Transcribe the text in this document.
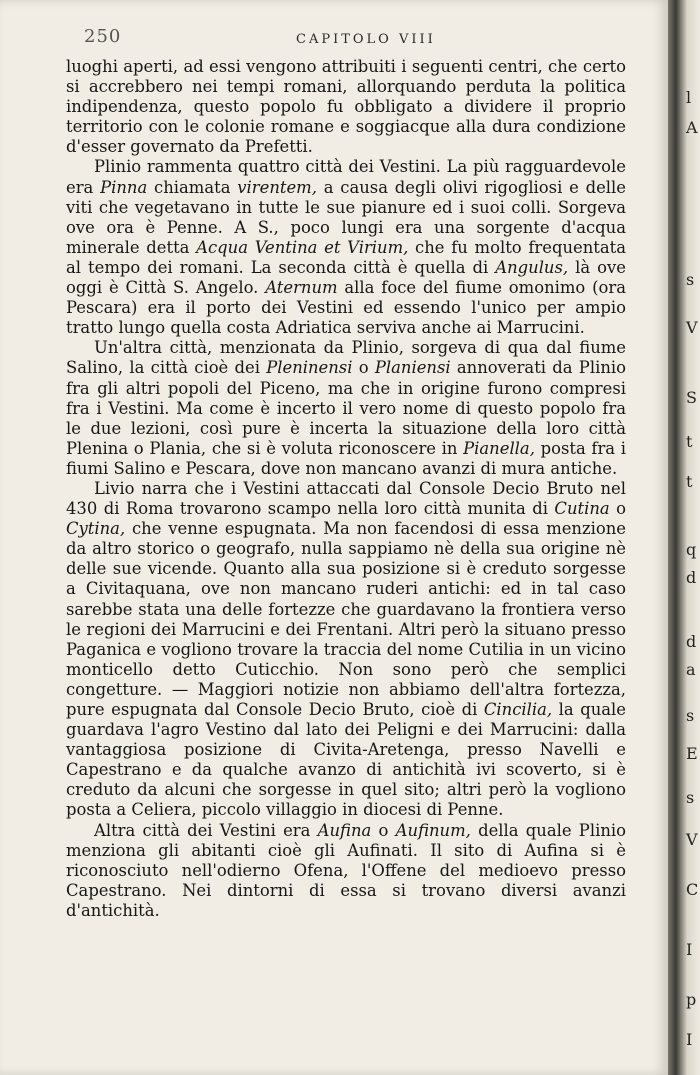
250	CAPITOLO VIII

luoghi aperti, ad essi vengono attribuiti i seguenti centri, che certo si accrebbero nei tempi romani, allorquando perduta la politica indipendenza, questo popolo fu obbligato a dividere il proprio territorio con le colonie romane e soggiacque alla dura condizione d'esser governato da Prefetti.

Plinio rammenta quattro città dei Vestini. La più ragguardevole era Pinna chiamata virentem, a causa degli olivi rigogliosi e delle viti che vegetavano in tutte le sue pianure ed i suoi colli. Sorgeva ove ora è Penne. A S., poco lungi era una sorgente d'acqua minerale detta Acqua Ventina et Virium, che fu molto frequentata al tempo dei romani. La seconda città è quella di Angulus, là ove oggi è Città S. Angelo. Aternum alla foce del fiume omonimo (ora Pescara) era il porto dei Vestini ed essendo l'unico per ampio tratto lungo quella costa Adriatica serviva anche ai Marrucini.

Un'altra città, menzionata da Plinio, sorgeva di qua dal fiume Salino, la città cioè dei Pleninensi o Planiensi annoverati da Plinio fra gli altri popoli del Piceno, ma che in origine furono compresi fra i Vestini. Ma come è incerto il vero nome di questo popolo fra le due lezioni, così pure è incerta la situazione della loro città Plenina o Plania, che si è voluta riconoscere in Pianella, posta fra i fiumi Salino e Pescara, dove non mancano avanzi di mura antiche.

Livio narra che i Vestini attaccati dal Console Decio Bruto nel 430 di Roma trovarono scampo nella loro città munita di Cutina o Cytina, che venne espugnata. Ma non facendosi di essa menzione da altro storico o geografo, nulla sappiamo nè della sua origine nè delle sue vicende. Quanto alla sua posizione si è creduto sorgesse a Civitaquana, ove non mancano ruderi antichi: ed in tal caso sarebbe stata una delle fortezze che guardavano la frontiera verso le regioni dei Marrucini e dei Frentani. Altri però la situano presso Paganica e vogliono trovare la traccia del nome Cutilia in un vicino monticello detto Cuticchio. Non sono però che semplici congetture. — Maggiori notizie non abbiamo dell'altra fortezza, pure espugnata dal Console Decio Bruto, cioè di Cincilia, la quale guardava l'agro Vestino dal lato dei Peligni e dei Marrucini: dalla vantaggiosa posizione di Civita-Aretenga, presso Navelli e Capestrano e da qualche avanzo di antichità ivi scoverto, si è creduto da alcuni che sorgesse in quel sito; altri però la vogliono posta a Celiera, piccolo villaggio in diocesi di Penne.

Altra città dei Vestini era Aufina o Aufinum, della quale Plinio menziona gli abitanti cioè gli Aufinati. Il sito di Aufina si è riconosciuto nell'odierno Ofena, l'Offene del medioevo presso Capestrano. Nei dintorni di essa si trovano diversi avanzi d'antichità.

l
A
s
V
S
t
t
q
d
d
a
s
E
s
V
C
I
p
I
